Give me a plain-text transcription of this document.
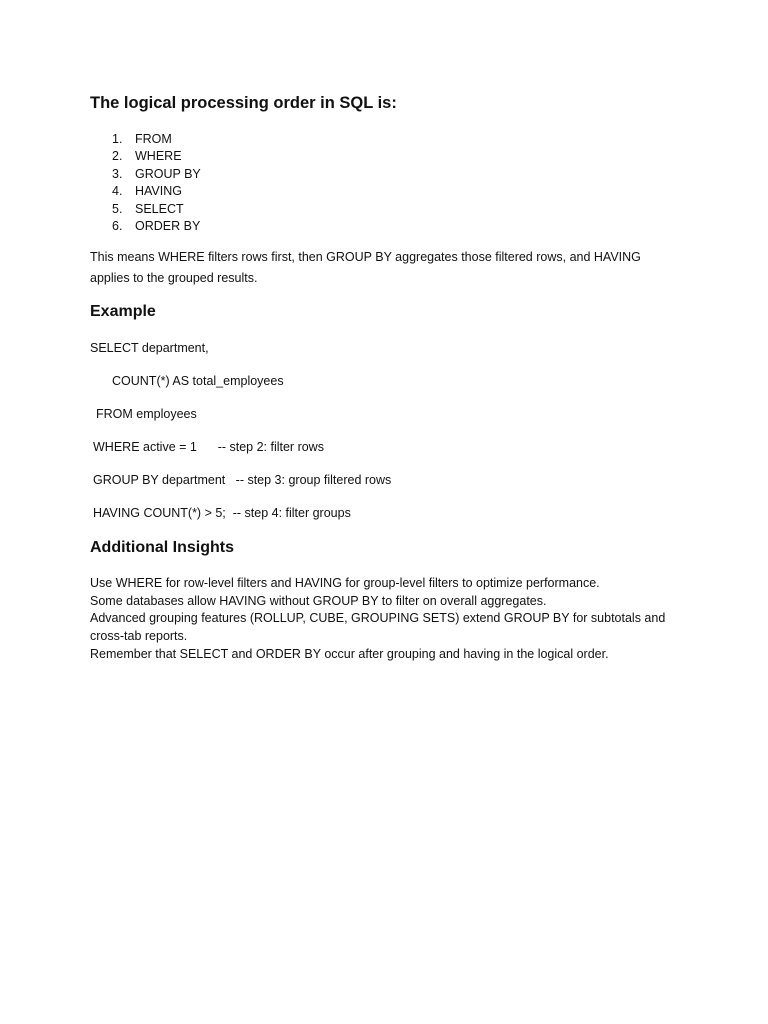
The logical processing order in SQL is:
1. FROM
2. WHERE
3. GROUP BY
4. HAVING
5. SELECT
6. ORDER BY

This means WHERE filters rows first, then GROUP BY aggregates those filtered rows, and HAVING applies to the grouped results.

Example
SELECT department,
COUNT(*) AS total_employees
FROM employees
WHERE active = 1      -- step 2: filter rows
GROUP BY department   -- step 3: group filtered rows
HAVING COUNT(*) > 5;  -- step 4: filter groups
Additional Insights
Use WHERE for row-level filters and HAVING for group-level filters to optimize performance.
Some databases allow HAVING without GROUP BY to filter on overall aggregates.
Advanced grouping features (ROLLUP, CUBE, GROUPING SETS) extend GROUP BY for subtotals and cross-tab reports.
Remember that SELECT and ORDER BY occur after grouping and having in the logical order.
